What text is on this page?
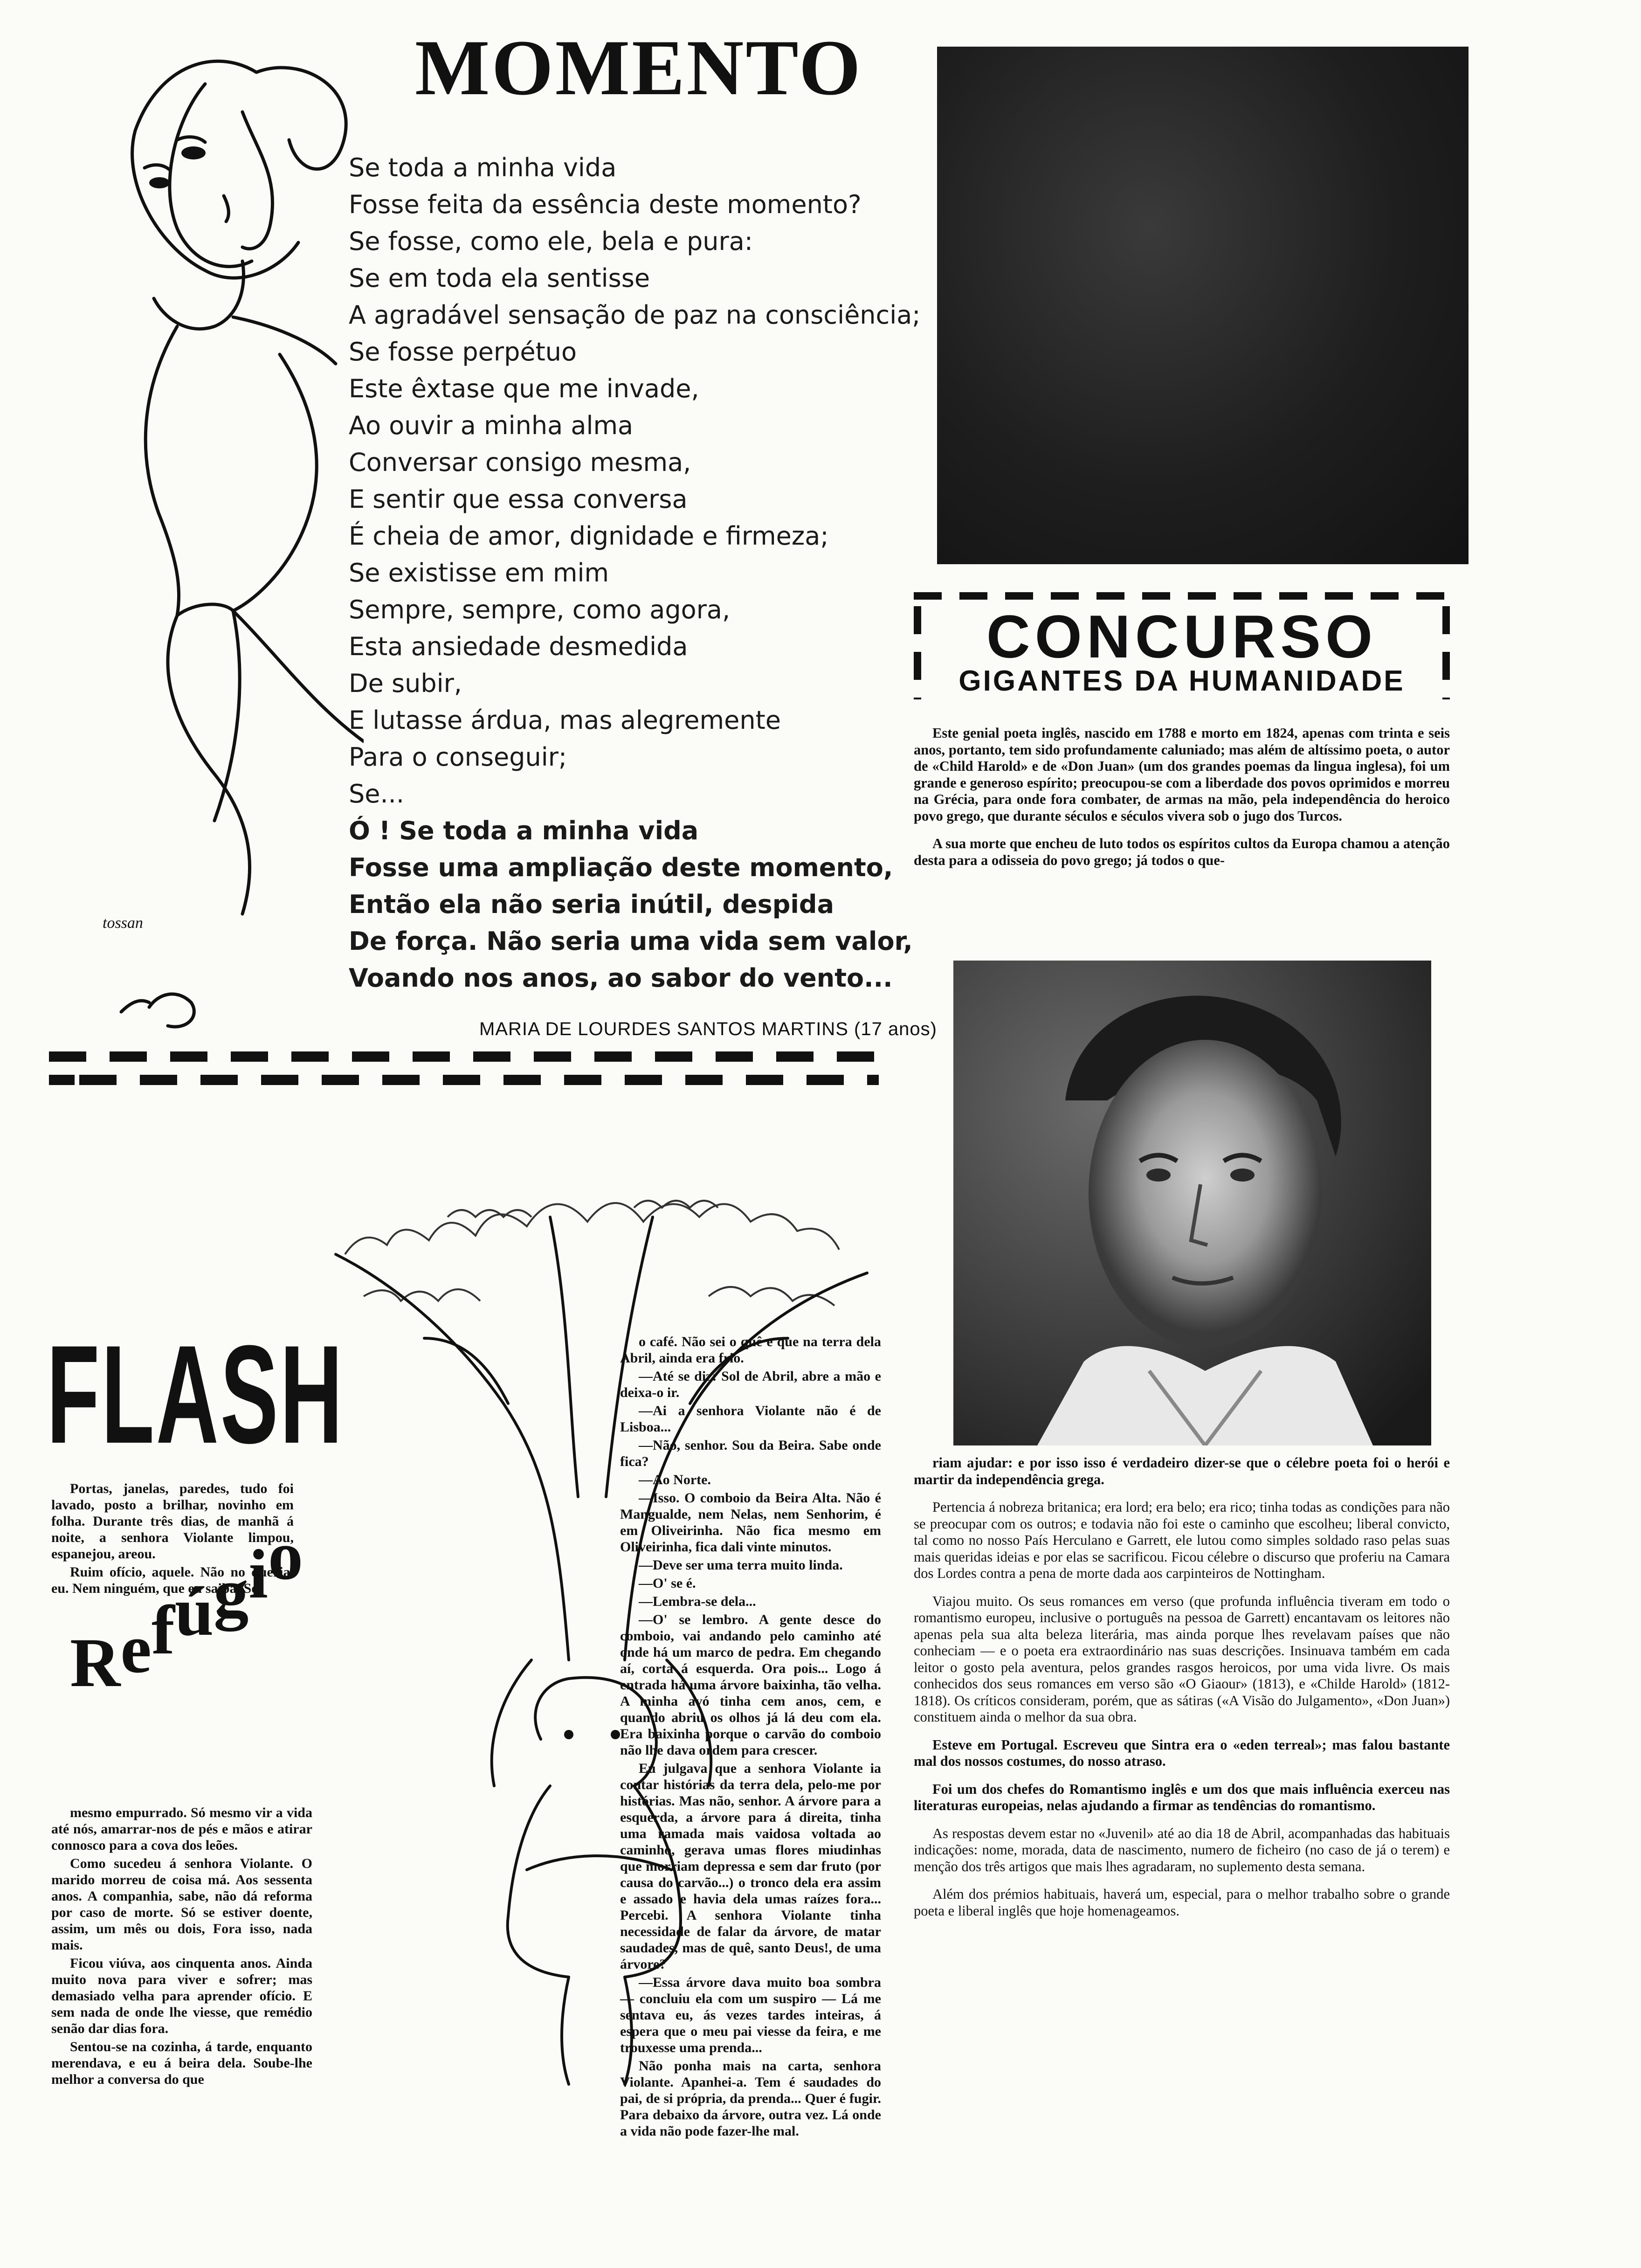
tossan
MOMENTO
Se toda a minha vida
Fosse feita da essência deste momento?
Se fosse, como ele, bela e pura:
Se em toda ela sentisse
A agradável sensação de paz na consciência;
Se fosse perpétuo
Este êxtase que me invade,
Ao ouvir a minha alma
Conversar consigo mesma,
E sentir que essa conversa
É cheia de amor, dignidade e firmeza;
Se existisse em mim
Sempre, sempre, como agora,
Esta ansiedade desmedida
De subir,
E lutasse árdua, mas alegremente
Para o conseguir;
Se...
Ó ! Se toda a minha vida
Fosse uma ampliação deste momento,
Então ela não seria inútil, despida
De força. Não seria uma vida sem valor,
Voando nos anos, ao sabor do vento...
MARIA DE LOURDES SANTOS MARTINS (17 anos)
FLASH
Refúgio

Portas, janelas, paredes, tudo foi lavado, posto a brilhar, novinho em folha. Durante três dias, de manhã á noite, a senhora Violante limpou, espanejou, areou.

Ruim ofício, aquele. Não no queria, eu. Nem ninguém, que eu saiba. Só

mesmo empurrado. Só mesmo vir a vida até nós, amarrar-nos de pés e mãos e atirar connosco para a cova dos leões.

Como sucedeu á senhora Violante. O marido morreu de coisa má. Aos sessenta anos. A companhia, sabe, não dá reforma por caso de morte. Só se estiver doente, assim, um mês ou dois, Fora isso, nada mais.

Ficou viúva, aos cinquenta anos. Ainda muito nova para viver e sofrer; mas demasiado velha para aprender ofício. E sem nada de onde lhe viesse, que remédio senão dar dias fora.

Sentou-se na cozinha, á tarde, enquanto merendava, e eu á beira dela. Soube-lhe melhor a conversa do que

o café. Não sei o quê e que na terra dela Abril, ainda era frio.

—Até se diz: Sol de Abril, abre a mão e deixa-o ir.

—Ai a senhora Violante não é de Lisboa...

—Não, senhor. Sou da Beira. Sabe onde fica?

—Ao Norte.

—Isso. O comboio da Beira Alta. Não é Mangualde, nem Nelas, nem Senhorim, é em Oliveirinha. Não fica mesmo em Oliveirinha, fica dali vinte minutos.

—Deve ser uma terra muito linda.

—O' se é.

—Lembra-se dela...

—O' se lembro. A gente desce do comboio, vai andando pelo caminho até onde há um marco de pedra. Em chegando aí, corta á esquerda. Ora pois... Logo á entrada há uma árvore baixinha, tão velha. A minha avó tinha cem anos, cem, e quando abriu os olhos já lá deu com ela. Era baixinha porque o carvão do comboio não lhe dava ordem para crescer.

Eu julgava que a senhora Violante ia contar histórias da terra dela, pelo-me por histórias. Mas não, senhor. A árvore para a esquerda, a árvore para á direita, tinha uma ramada mais vaidosa voltada ao caminho, gerava umas flores miudinhas que morriam depressa e sem dar fruto (por causa do carvão...) o tronco dela era assim e assado e havia dela umas raízes fora... Percebi. A senhora Violante tinha necessidade de falar da árvore, de matar saudades, mas de quê, santo Deus!, de uma árvore?

—Essa árvore dava muito boa sombra — concluiu ela com um suspiro — Lá me sentava eu, ás vezes tardes inteiras, á espera que o meu pai viesse da feira, e me trouxesse uma prenda...

Não ponha mais na carta, senhora Violante. Apanhei-a. Tem é saudades do pai, de si própria, da prenda... Quer é fugir. Para debaixo da árvore, outra vez. Lá onde a vida não pode fazer-lhe mal.

CONCURSO
GIGANTES DA HUMANIDADE

Este genial poeta inglês, nascido em 1788 e morto em 1824, apenas com trinta e seis anos, portanto, tem sido profundamente caluniado; mas além de altíssimo poeta, o autor de «Child Harold» e de «Don Juan» (um dos grandes poemas da lingua inglesa), foi um grande e generoso espírito; preocupou-se com a liberdade dos povos oprimidos e morreu na Grécia, para onde fora combater, de armas na mão, pela independência do heroico povo grego, que durante séculos e séculos vivera sob o jugo dos Turcos.

A sua morte que encheu de luto todos os espíritos cultos da Europa chamou a atenção desta para a odisseia do povo grego; já todos o que-

riam ajudar: e por isso isso é verdadeiro dizer-se que o célebre poeta foi o herói e martir da independência grega.

Pertencia á nobreza britanica; era lord; era belo; era rico; tinha todas as condições para não se preocupar com os outros; e todavia não foi este o caminho que escolheu; liberal convicto, tal como no nosso País Herculano e Garrett, ele lutou como simples soldado raso pelas suas mais queridas ideias e por elas se sacrificou. Ficou célebre o discurso que proferiu na Camara dos Lordes contra a pena de morte dada aos carpinteiros de Nottingham.

Viajou muito. Os seus romances em verso (que profunda influência tiveram em todo o romantismo europeu, inclusive o português na pessoa de Garrett) encantavam os leitores não apenas pela sua alta beleza literária, mas ainda porque lhes revelavam países que não conheciam — e o poeta era extraordinário nas suas descrições. Insinuava também em cada leitor o gosto pela aventura, pelos grandes rasgos heroicos, por uma vida livre. Os mais conhecidos dos seus romances em verso são «O Giaour» (1813), e «Childe Harold» (1812-1818). Os críticos consideram, porém, que as sátiras («A Visão do Julgamento», «Don Juan») constituem ainda o melhor da sua obra.

Esteve em Portugal. Escreveu que Sintra era o «eden terreal»; mas falou bastante mal dos nossos costumes, do nosso atraso.

Foi um dos chefes do Romantismo inglês e um dos que mais influência exerceu nas literaturas europeias, nelas ajudando a firmar as tendências do romantismo.

As respostas devem estar no «Juvenil» até ao dia 18 de Abril, acompanhadas das habituais indicações: nome, morada, data de nascimento, numero de ficheiro (no caso de já o terem) e menção dos três artigos que mais lhes agradaram, no suplemento desta semana.

Além dos prémios habituais, haverá um, especial, para o melhor trabalho sobre o grande poeta e liberal inglês que hoje homenageamos.
